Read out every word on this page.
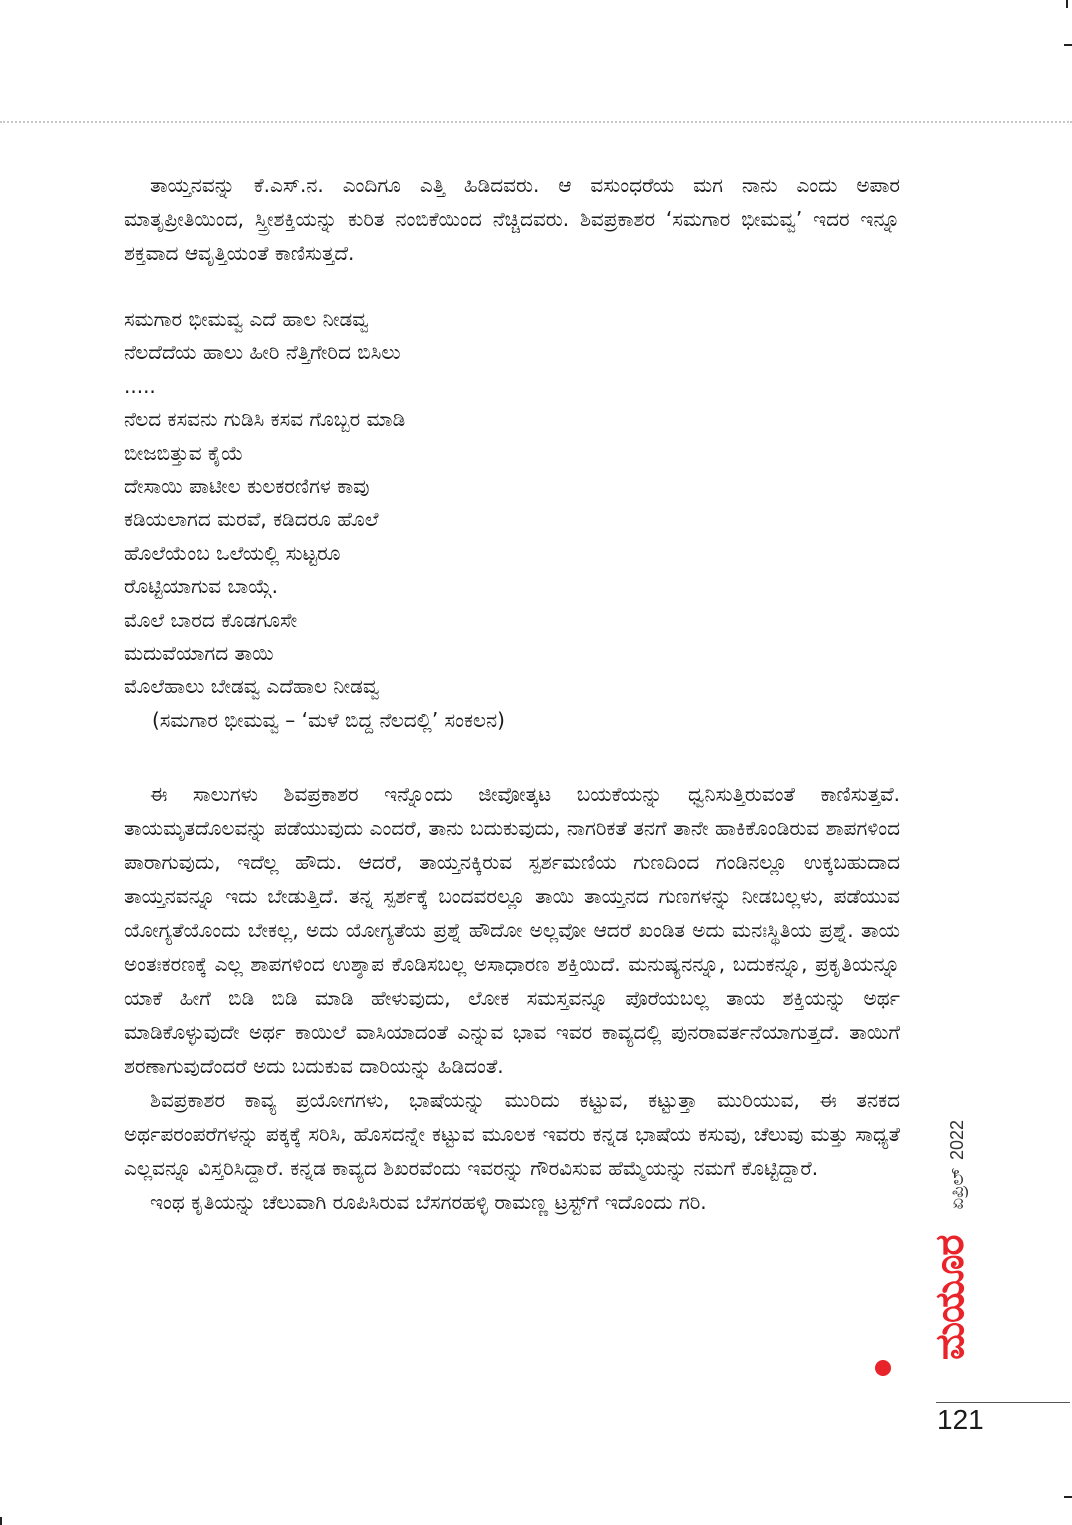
ತಾಯ್ತನವನ್ನು ಕೆ.ಎಸ್.ನ. ಎಂದಿಗೂ ಎತ್ತಿ ಹಿಡಿದವರು. ಆ ವಸುಂಧರೆಯ ಮಗ ನಾನು ಎಂದು ಅಪಾರ ಮಾತೃಪ್ರೀತಿಯಿಂದ, ಸ್ತ್ರೀಶಕ್ತಿಯನ್ನು ಕುರಿತ ನಂಬಿಕೆಯಿಂದ ನೆಚ್ಚಿದವರು. ಶಿವಪ್ರಕಾಶರ ‘ಸಮಗಾರ ಭೀಮವ್ವ’ ಇದರ ಇನ್ನೂ ಶಕ್ತವಾದ ಆವೃತ್ತಿಯಂತೆ ಕಾಣಿಸುತ್ತದೆ.

ಸಮಗಾರ ಭೀಮವ್ವ ಎದೆ ಹಾಲ ನೀಡವ್ವ
ನೆಲದೆದೆಯ ಹಾಲು ಹೀರಿ ನೆತ್ತಿಗೇರಿದ ಬಿಸಿಲು
.....
ನೆಲದ ಕಸವನು ಗುಡಿಸಿ ಕಸವ ಗೊಬ್ಬರ ಮಾಡಿ
ಬೀಜಬಿತ್ತುವ ಕೈಯೆ
ದೇಸಾಯಿ ಪಾಟೀಲ ಕುಲಕರಣಿಗಳ ಕಾವು
ಕಡಿಯಲಾಗದ ಮರವೆ, ಕಡಿದರೂ ಹೊಲೆ
ಹೊಲೆಯೆಂಬ ಒಲೆಯಲ್ಲಿ ಸುಟ್ಟರೂ
ರೊಟ್ಟಿಯಾಗುವ ಬಾಯ್ಗೆ.
ಮೊಲೆ ಬಾರದ ಕೊಡಗೂಸೇ
ಮದುವೆಯಾಗದ ತಾಯಿ
ಮೊಲೆಹಾಲು ಬೇಡವ್ವ ಎದೆಹಾಲ ನೀಡವ್ವ
(ಸಮಗಾರ ಭೀಮವ್ವ – ‘ಮಳೆ ಬಿದ್ದ ನೆಲದಲ್ಲಿ’ ಸಂಕಲನ)

ಈ ಸಾಲುಗಳು ಶಿವಪ್ರಕಾಶರ ಇನ್ನೊಂದು ಜೀವೋತ್ಕಟ ಬಯಕೆಯನ್ನು ಧ್ವನಿಸುತ್ತಿರುವಂತೆ ಕಾಣಿಸುತ್ತವೆ. ತಾಯಮೃತದೊಲವನ್ನು ಪಡೆಯುವುದು ಎಂದರೆ, ತಾನು ಬದುಕುವುದು, ನಾಗರಿಕತೆ ತನಗೆ ತಾನೇ ಹಾಕಿಕೊಂಡಿರುವ ಶಾಪಗಳಿಂದ ಪಾರಾಗುವುದು, ಇದೆಲ್ಲ ಹೌದು. ಆದರೆ, ತಾಯ್ತನಕ್ಕಿರುವ ಸ್ಪರ್ಶಮಣಿಯ ಗುಣದಿಂದ ಗಂಡಿನಲ್ಲೂ ಉಕ್ಕಬಹುದಾದ ತಾಯ್ತನವನ್ನೂ ಇದು ಬೇಡುತ್ತಿದೆ. ತನ್ನ ಸ್ಪರ್ಶಕ್ಕೆ ಬಂದವರಲ್ಲೂ ತಾಯಿ ತಾಯ್ತನದ ಗುಣಗಳನ್ನು ನೀಡಬಲ್ಲಳು, ಪಡೆಯುವ ಯೋಗ್ಯತೆಯೊಂದು ಬೇಕಲ್ಲ, ಅದು ಯೋಗ್ಯತೆಯ ಪ್ರಶ್ನೆ ಹೌದೋ ಅಲ್ಲವೋ ಆದರೆ ಖಂಡಿತ ಅದು ಮನಃಸ್ಥಿತಿಯ ಪ್ರಶ್ನೆ. ತಾಯ ಅಂತಃಕರಣಕ್ಕೆ ಎಲ್ಲ ಶಾಪಗಳಿಂದ ಉಶ್ಶಾಪ ಕೊಡಿಸಬಲ್ಲ ಅಸಾಧಾರಣ ಶಕ್ತಿಯಿದೆ. ಮನುಷ್ಯನನ್ನೂ, ಬದುಕನ್ನೂ, ಪ್ರಕೃತಿಯನ್ನೂ ಯಾಕೆ ಹೀಗೆ ಬಿಡಿ ಬಿಡಿ ಮಾಡಿ ಹೇಳುವುದು, ಲೋಕ ಸಮಸ್ತವನ್ನೂ ಪೊರೆಯಬಲ್ಲ ತಾಯ ಶಕ್ತಿಯನ್ನು ಅರ್ಥ ಮಾಡಿಕೊಳ್ಳುವುದೇ ಅರ್ಥ ಕಾಯಿಲೆ ವಾಸಿಯಾದಂತೆ ಎನ್ನುವ ಭಾವ ಇವರ ಕಾವ್ಯದಲ್ಲಿ ಪುನರಾವರ್ತನೆಯಾಗುತ್ತದೆ. ತಾಯಿಗೆ ಶರಣಾಗುವುದೆಂದರೆ ಅದು ಬದುಕುವ ದಾರಿಯನ್ನು ಹಿಡಿದಂತೆ.

ಶಿವಪ್ರಕಾಶರ ಕಾವ್ಯ ಪ್ರಯೋಗಗಳು, ಭಾಷೆಯನ್ನು ಮುರಿದು ಕಟ್ಟುವ, ಕಟ್ಟುತ್ತಾ ಮುರಿಯುವ, ಈ ತನಕದ ಅರ್ಥಪರಂಪರೆಗಳನ್ನು ಪಕ್ಕಕ್ಕೆ ಸರಿಸಿ, ಹೊಸದನ್ನೇ ಕಟ್ಟುವ ಮೂಲಕ ಇವರು ಕನ್ನಡ ಭಾಷೆಯ ಕಸುವು, ಚೆಲುವು ಮತ್ತು ಸಾಧ್ಯತೆ ಎಲ್ಲವನ್ನೂ ವಿಸ್ತರಿಸಿದ್ದಾರೆ. ಕನ್ನಡ ಕಾವ್ಯದ ಶಿಖರವೆಂದು ಇವರನ್ನು ಗೌರವಿಸುವ ಹೆಮ್ಮೆಯನ್ನು ನಮಗೆ ಕೊಟ್ಟಿದ್ದಾರೆ.

ಇಂಥ ಕೃತಿಯನ್ನು ಚೆಲುವಾಗಿ ರೂಪಿಸಿರುವ ಬೆಸಗರಹಳ್ಳಿ ರಾಮಣ್ಣ ಟ್ರಸ್ಟ್‌ಗೆ ಇದೊಂದು ಗರಿ.

ಮಯೂರ
ಏಪ್ರಿಲ್
2022
121
